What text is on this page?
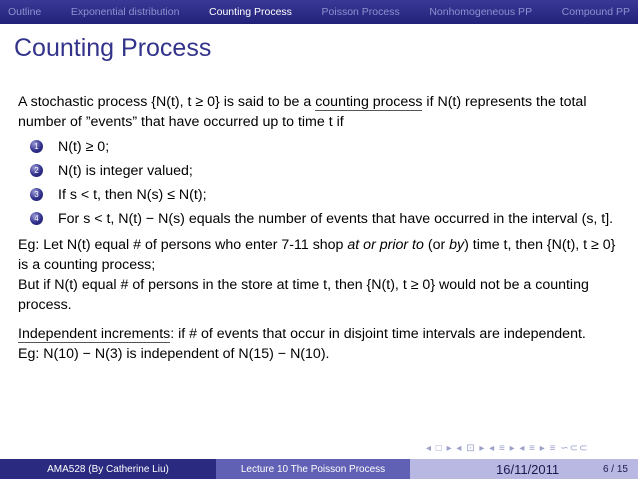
Outline	Exponential distribution	Counting Process	Poisson Process	Nonhomogeneous PP	Compound PP
Counting Process

A stochastic process {N(t), t ≥ 0} is said to be a counting process if N(t) represents the total number of ”events” that have occurred up to time t if

1	N(t) ≥ 0;
2	N(t) is integer valued;
3	If s < t, then N(s) ≤ N(t);
4	For s < t, N(t) − N(s) equals the number of events that have occurred in the interval (s, t].

Eg: Let N(t) equal # of persons who enter 7-11 shop at or prior to (or by) time t, then {N(t), t ≥ 0} is a counting process;

But if N(t) equal # of persons in the store at time t, then {N(t), t ≥ 0} would not be a counting process.

Independent increments: if # of events that occur in disjoint time intervals are independent.

Eg: N(10) − N(3) is independent of N(15) − N(10).

◂ □ ▸ ◂ ⊡ ▸ ◂ ≡ ▸ ◂ ≡ ▸ ≡ ∽⊂⊂
AMA528 (By Catherine Liu)	Lecture 10 The Poisson Process	16/11/2011	6 / 15
